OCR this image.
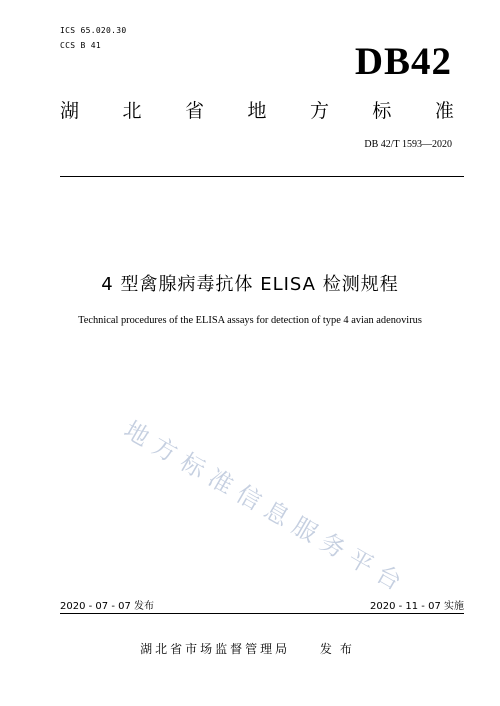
ICS 65.020.30
CCS B 41	DB42
湖 北 省 地 方 标 准
DB 42/T 1593—2020
4 型禽腺病毒抗体 ELISA 检测规程
Technical procedures of the ELISA assays for detection of type 4 avian adenovirus
地
方
标
准
信
息
服
务
平
台
2020 - 07 - 07 发布	2020 - 11 - 07 实施
湖北省市场监督管理局 发布
